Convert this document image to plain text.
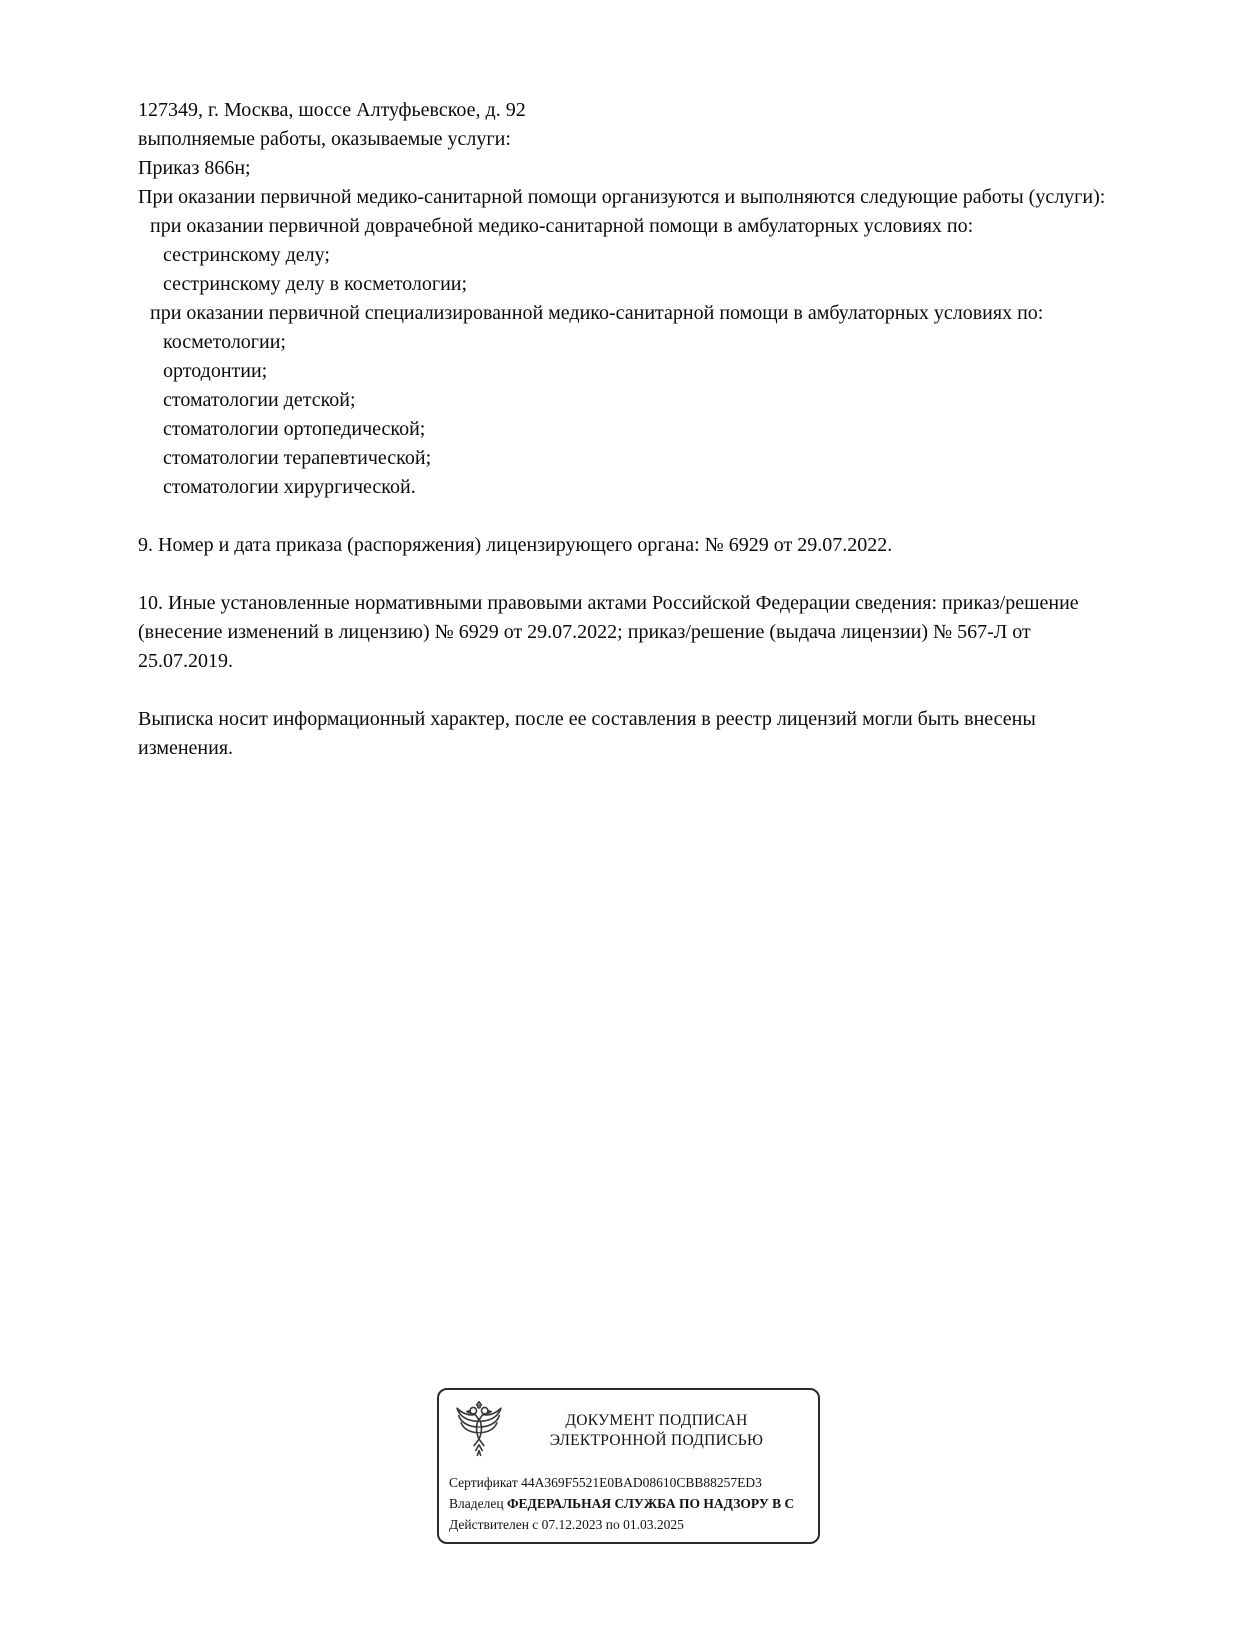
127349, г. Москва, шоссе Алтуфьевское, д. 92

выполняемые работы, оказываемые услуги:

Приказ 866н;

При оказании первичной медико-санитарной помощи организуются и выполняются следующие работы (услуги):

при оказании первичной доврачебной медико-санитарной помощи в амбулаторных условиях по:

сестринскому делу;

сестринскому делу в косметологии;

при оказании первичной специализированной медико-санитарной помощи в амбулаторных условиях по:

косметологии;

ортодонтии;

стоматологии детской;

стоматологии ортопедической;

стоматологии терапевтической;

стоматологии хирургической.

9. Номер и дата приказа (распоряжения) лицензирующего органа: № 6929 от 29.07.2022.

10. Иные установленные нормативными правовыми актами Российской Федерации сведения: приказ/решение (внесение изменений в лицензию) № 6929 от 29.07.2022; приказ/решение (выдача лицензии) № 567-Л от 25.07.2019.

Выписка носит информационный характер, после ее составления в реестр лицензий могли быть внесены изменения.

ДОКУМЕНТ ПОДПИСАН
ЭЛЕКТРОННОЙ ПОДПИСЬЮ
Сертификат 44A369F5521E0BAD08610CBB88257ED3
Владелец ФЕДЕРАЛЬНАЯ СЛУЖБА ПО НАДЗОРУ В С
Действителен с 07.12.2023 по 01.03.2025
